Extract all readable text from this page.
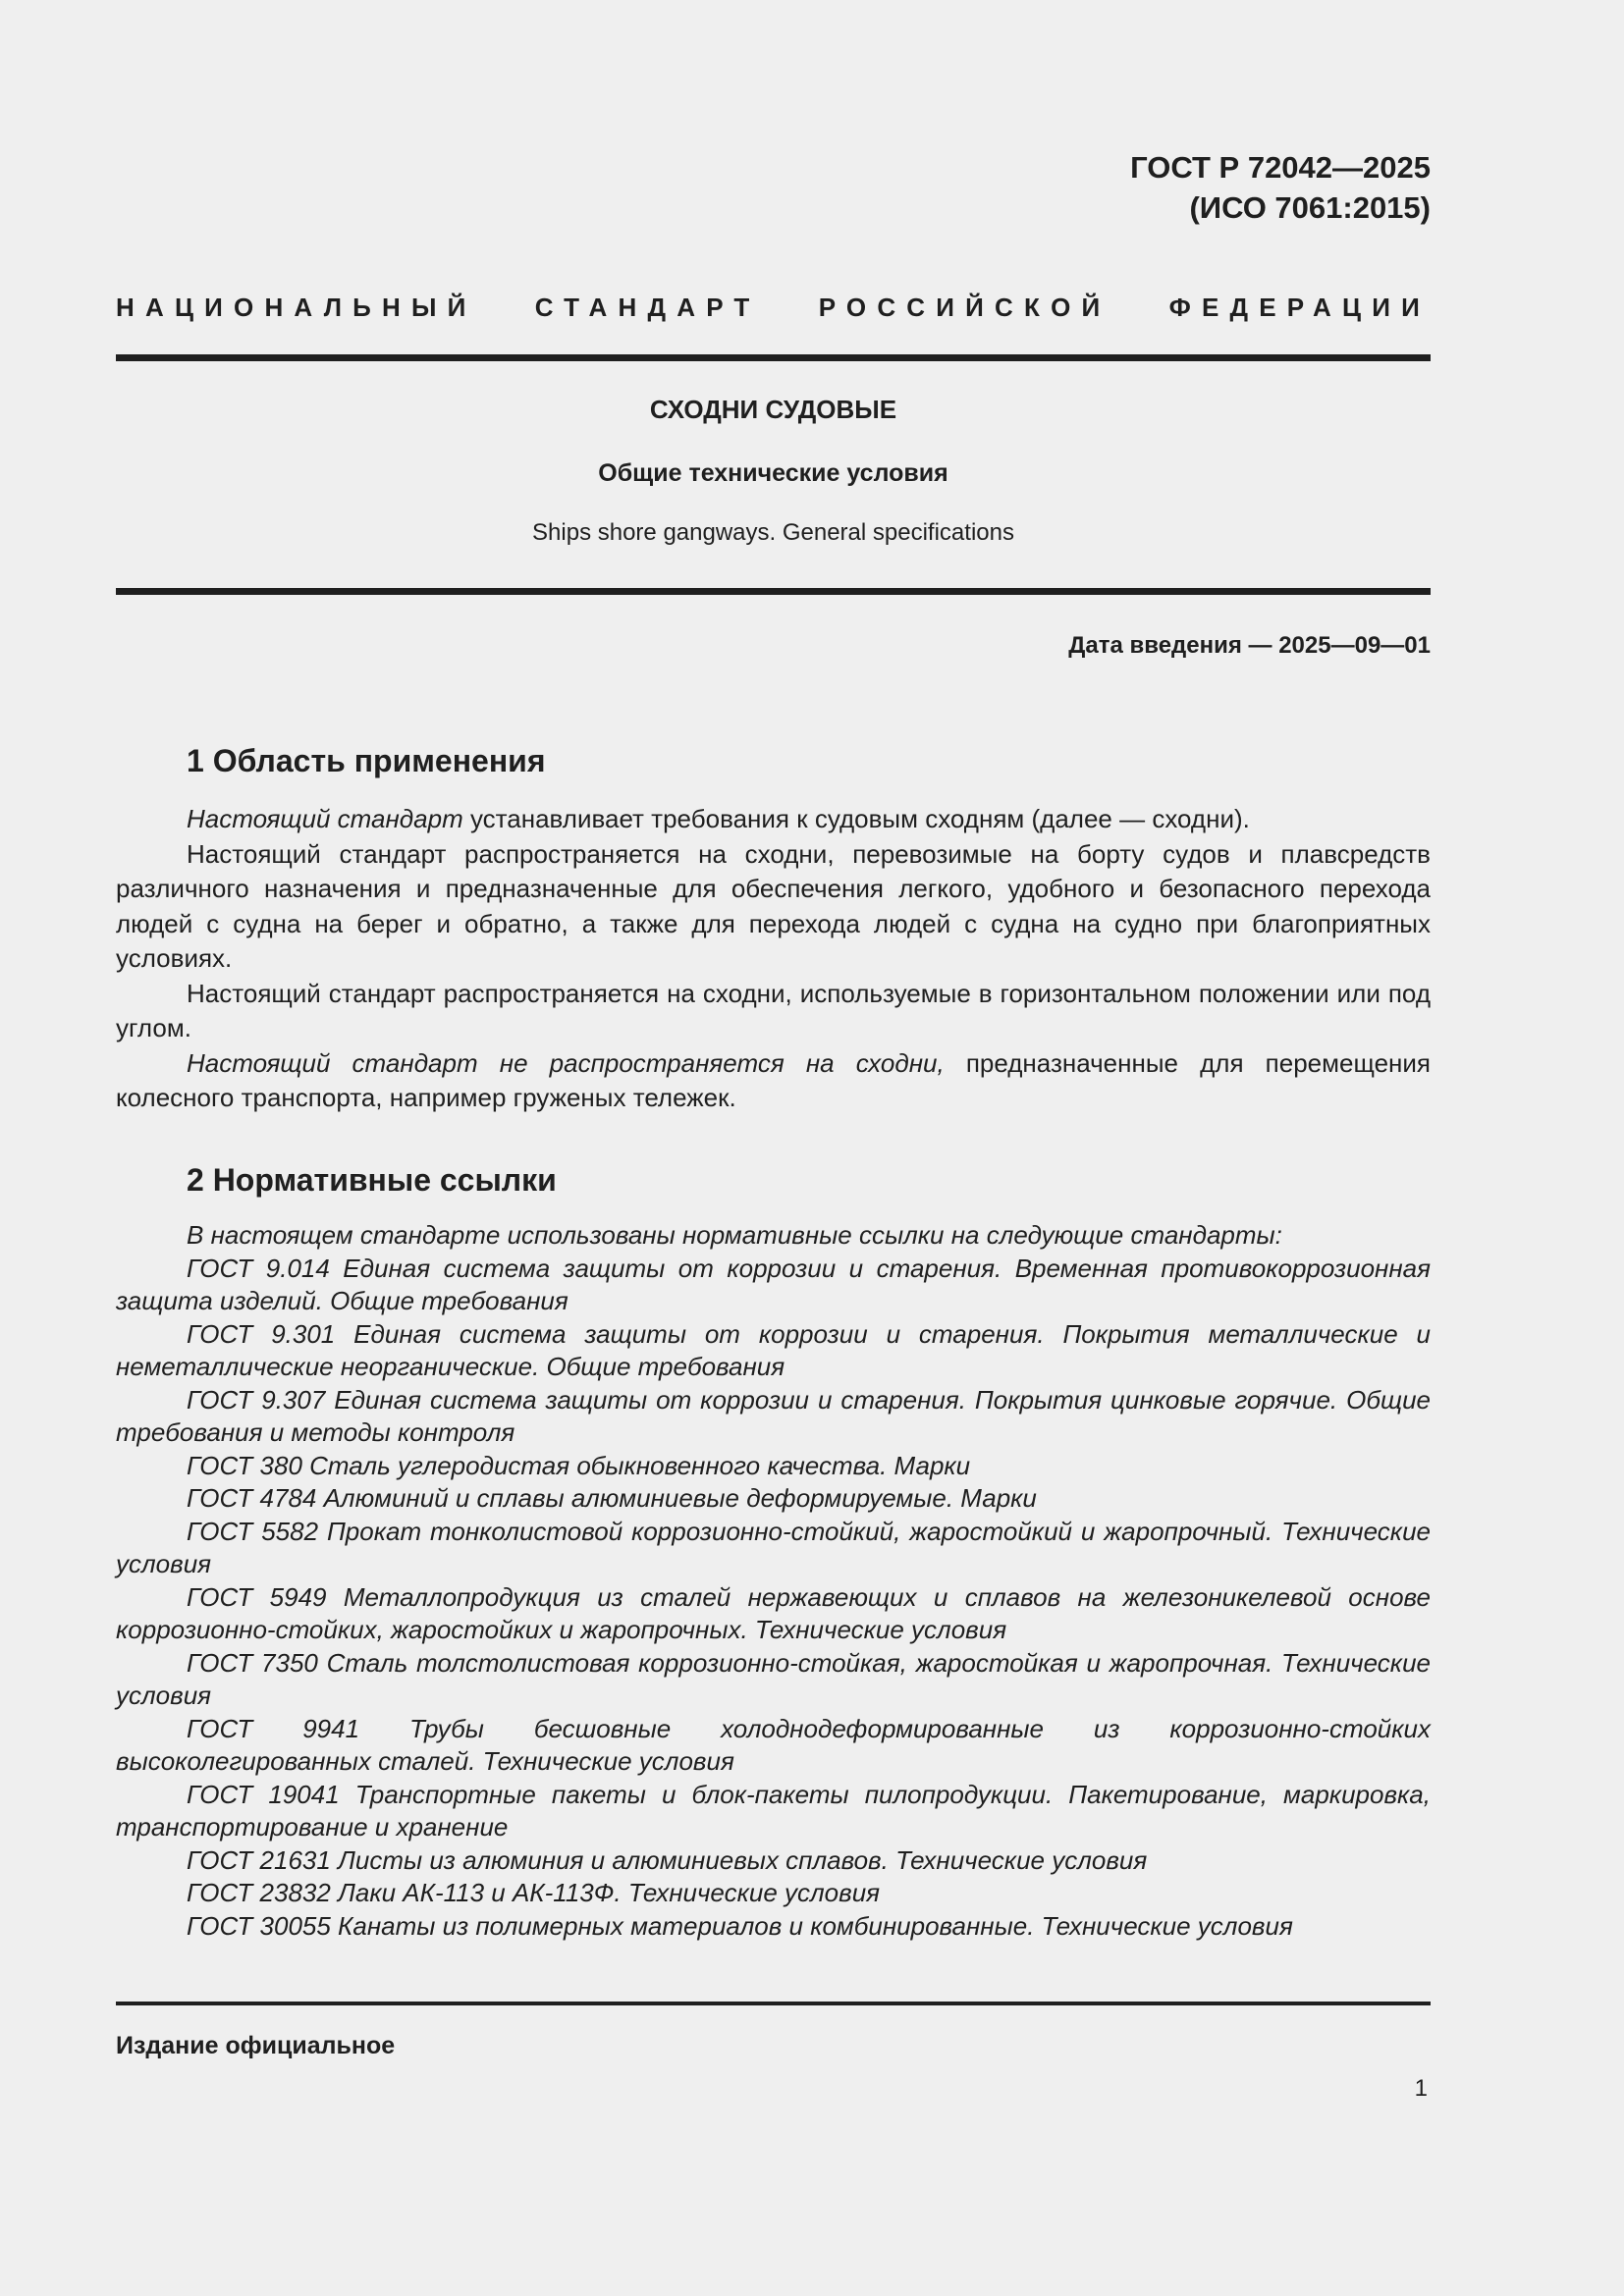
ГОСТ Р 72042—2025
(ИСО 7061:2015)
НАЦИОНАЛЬНЫЙ СТАНДАРТ РОССИЙСКОЙ ФЕДЕРАЦИИ
СХОДНИ СУДОВЫЕ
Общие технические условия
Ships shore gangways. General specifications
Дата введения — 2025—09—01
1 Область применения

Настоящий стандарт устанавливает требования к судовым сходням (далее — сходни).

Настоящий стандарт распространяется на сходни, перевозимые на борту судов и плавсредств различного назначения и предназначенные для обеспечения легкого, удобного и безопасного перехода людей с судна на берег и обратно, а также для перехода людей с судна на судно при благоприятных условиях.

Настоящий стандарт распространяется на сходни, используемые в горизонтальном положении или под углом.

Настоящий стандарт не распространяется на сходни, предназначенные для перемещения колесного транспорта, например груженых тележек.

2 Нормативные ссылки

В настоящем стандарте использованы нормативные ссылки на следующие стандарты:

ГОСТ 9.014 Единая система защиты от коррозии и старения. Временная противокоррозионная защита изделий. Общие требования

ГОСТ 9.301 Единая система защиты от коррозии и старения. Покрытия металлические и неметаллические неорганические. Общие требования

ГОСТ 9.307 Единая система защиты от коррозии и старения. Покрытия цинковые горячие. Общие требования и методы контроля

ГОСТ 380 Сталь углеродистая обыкновенного качества. Марки

ГОСТ 4784 Алюминий и сплавы алюминиевые деформируемые. Марки

ГОСТ 5582 Прокат тонколистовой коррозионно-стойкий, жаростойкий и жаропрочный. Технические условия

ГОСТ 5949 Металлопродукция из сталей нержавеющих и сплавов на железоникелевой основе коррозионно-стойких, жаростойких и жаропрочных. Технические условия

ГОСТ 7350 Сталь толстолистовая коррозионно-стойкая, жаростойкая и жаропрочная. Технические условия

ГОСТ 9941 Трубы бесшовные холоднодеформированные из коррозионно-стойких высоколегированных сталей. Технические условия

ГОСТ 19041 Транспортные пакеты и блок-пакеты пилопродукции. Пакетирование, маркировка, транспортирование и хранение

ГОСТ 21631 Листы из алюминия и алюминиевых сплавов. Технические условия

ГОСТ 23832 Лаки АК-113 и АК-113Ф. Технические условия

ГОСТ 30055 Канаты из полимерных материалов и комбинированные. Технические условия

Издание официальное
1
